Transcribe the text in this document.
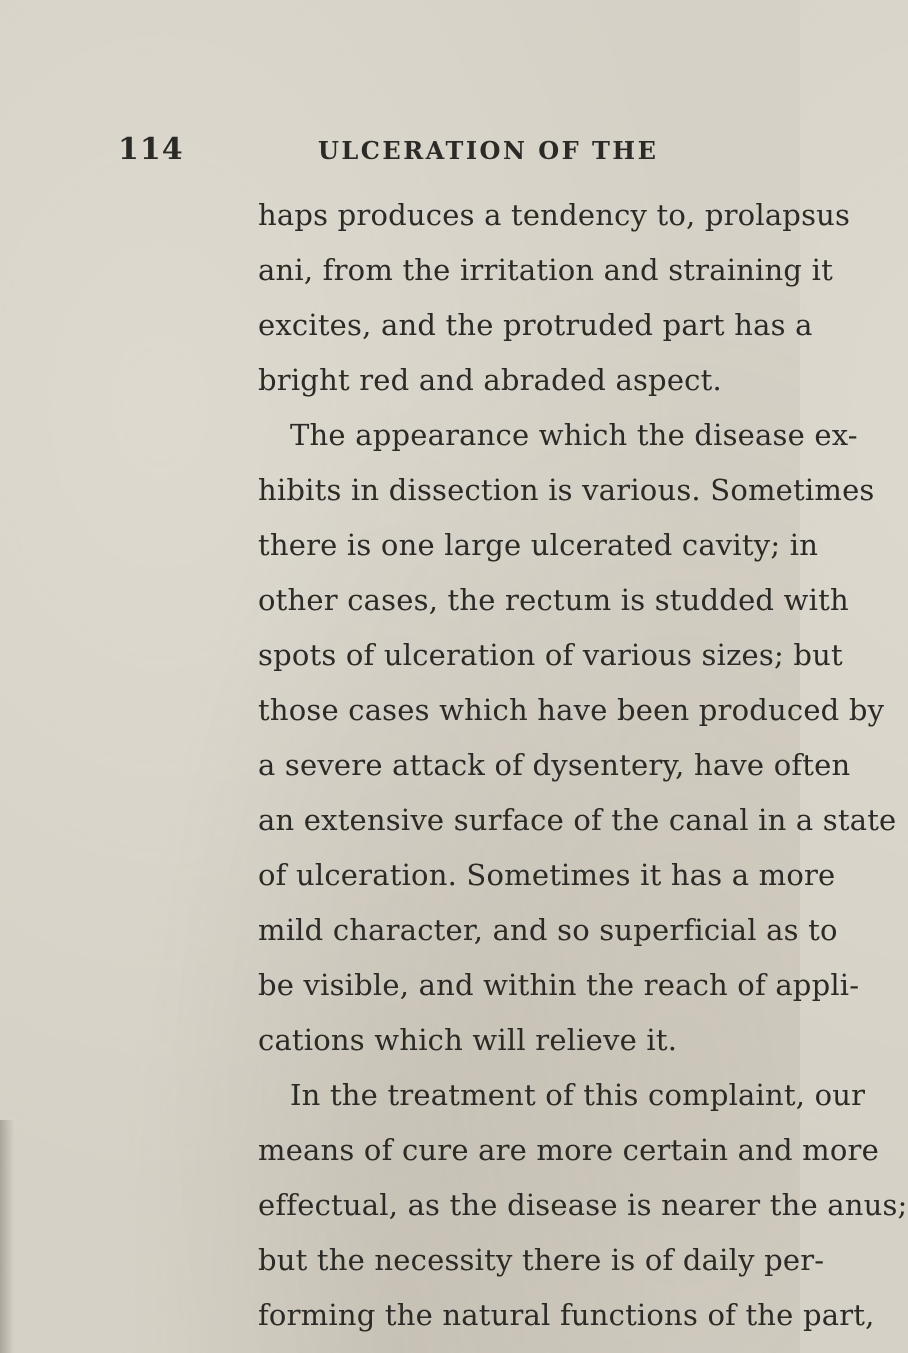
114	ULCERATION OF THE
haps produces a tendency to, prolapsus
ani, from the irritation and straining it
excites, and the protruded part has a
bright red and abraded aspect.
The appearance which the disease ex-
hibits in dissection is various. Sometimes
there is one large ulcerated cavity; in
other cases, the rectum is studded with
spots of ulceration of various sizes; but
those cases which have been produced by
a severe attack of dysentery, have often
an extensive surface of the canal in a state
of ulceration. Sometimes it has a more
mild character, and so superficial as to
be visible, and within the reach of appli-
cations which will relieve it.
In the treatment of this complaint, our
means of cure are more certain and more
effectual, as the disease is nearer the anus;
but the necessity there is of daily per-
forming the natural functions of the part,
